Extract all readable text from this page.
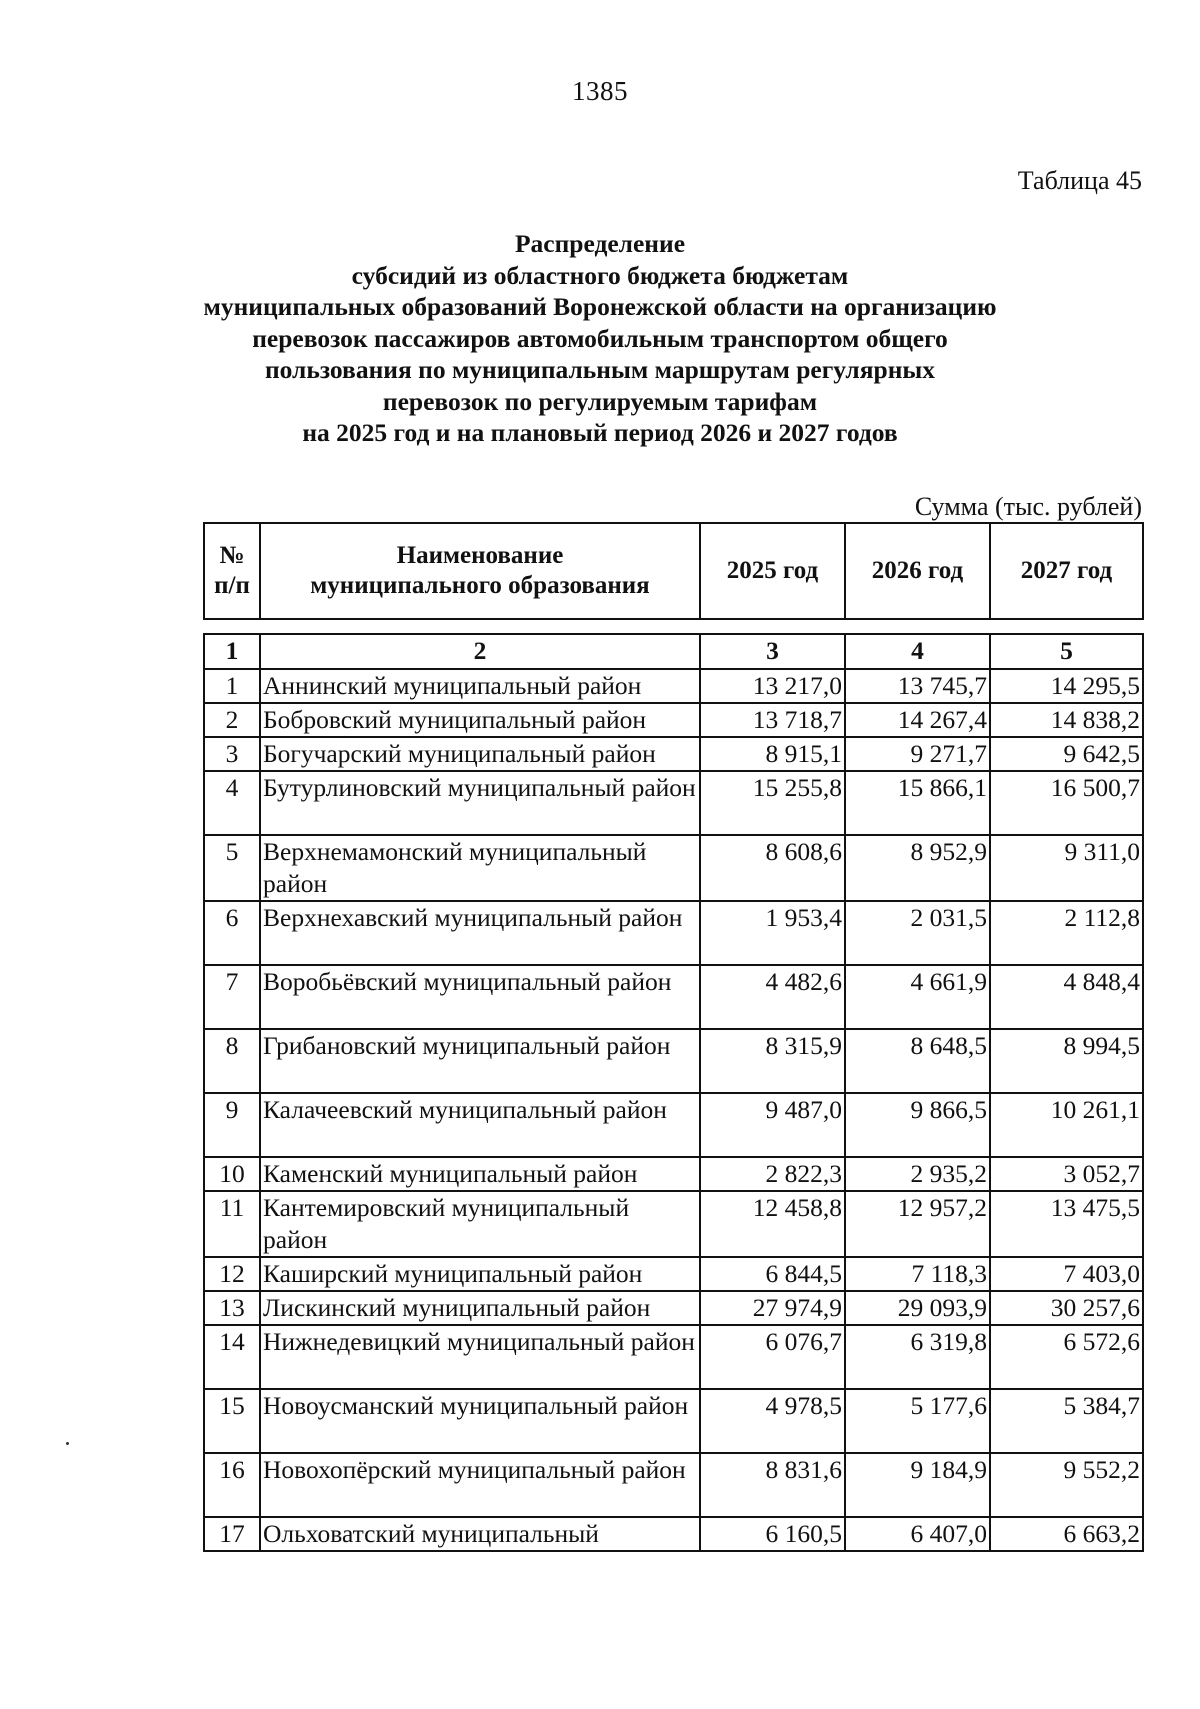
1385
Таблица 45
Распределение
субсидий из областного бюджета бюджетам
муниципальных образований Воронежской области на организацию
перевозок пассажиров автомобильным транспортом общего
пользования по муниципальным маршрутам регулярных
перевозок по регулируемым тарифам
на 2025 год и на плановый период 2026 и 2027 годов
Сумма (тыс. рублей)
№ п/п	Наименование муниципального образования	2025 год	2026 год	2027 год
1	2	3	4	5
1	Аннинский муниципальный район	13 217,0	13 745,7	14 295,5
2	Бобровский муниципальный район	13 718,7	14 267,4	14 838,2
3	Богучарский муниципальный район	8 915,1	9 271,7	9 642,5
4	Бутурлиновский муниципальный район	15 255,8	15 866,1	16 500,7
5	Верхнемамонский муниципальный район	8 608,6	8 952,9	9 311,0
6	Верхнехавский муниципальный район	1 953,4	2 031,5	2 112,8
7	Воробьёвский муниципальный район	4 482,6	4 661,9	4 848,4
8	Грибановский муниципальный район	8 315,9	8 648,5	8 994,5
9	Калачеевский муниципальный район	9 487,0	9 866,5	10 261,1
10	Каменский муниципальный район	2 822,3	2 935,2	3 052,7
11	Кантемировский муниципальный район	12 458,8	12 957,2	13 475,5
12	Каширский муниципальный район	6 844,5	7 118,3	7 403,0
13	Лискинский муниципальный район	27 974,9	29 093,9	30 257,6
14	Нижнедевицкий муниципальный район	6 076,7	6 319,8	6 572,6
15	Новоусманский муниципальный район	4 978,5	5 177,6	5 384,7
16	Новохопёрский муниципальный район	8 831,6	9 184,9	9 552,2
17	Ольховатский муниципальный	6 160,5	6 407,0	6 663,2
